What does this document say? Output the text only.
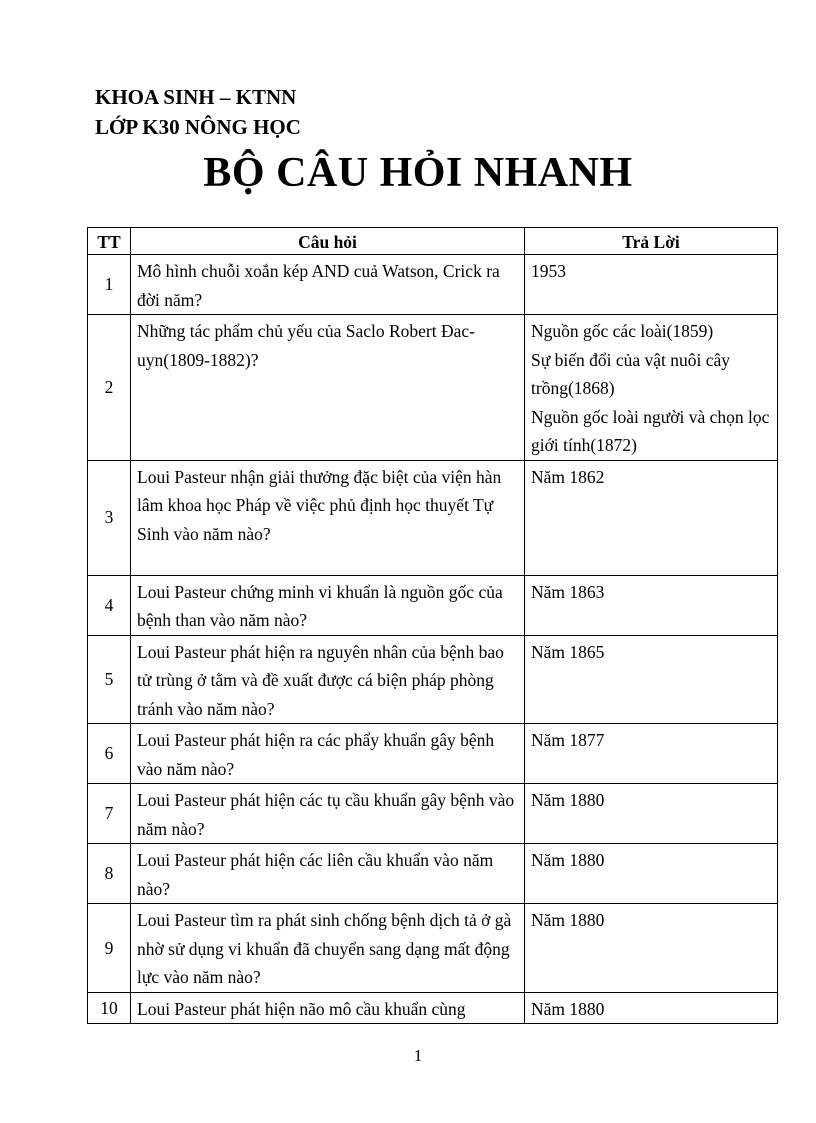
KHOA SINH – KTNN
LỚP K30 NÔNG HỌC
BỘ CÂU HỎI NHANH
TT	Câu hỏi	Trả Lời
1	Mô hình chuỗi xoắn kép AND cuả Watson, Crick ra đời năm?	1953

2	Những tác phẩm chủ yếu của Saclo Robert Đac-uyn(1809-1882)?	Nguồn gốc các loài(1859)
Sự biến đổi của vật nuôi cây trồng(1868)
Nguồn gốc loài người và chọn lọc giới tính(1872)

3	Loui Pasteur nhận giải thưởng đặc biệt của viện hàn lâm khoa học Pháp về việc phủ định học thuyết Tự Sinh vào năm nào?	Năm 1862

4	Loui Pasteur chứng minh vi khuẩn là nguồn gốc của bệnh than vào năm nào?	Năm 1863

5	Loui Pasteur phát hiện ra nguyên nhân của bệnh bao tử trùng ở tằm và đề xuất được cá biện pháp phòng tránh vào năm nào?	Năm 1865

6	Loui Pasteur phát hiện ra các phẩy khuẩn gây bệnh vào năm nào?	Năm 1877

7	Loui Pasteur phát hiện các tụ cầu khuẩn gây bệnh vào năm nào?	Năm 1880

8	Loui Pasteur phát hiện các liên cầu khuẩn vào năm nào?	Năm 1880

9	Loui Pasteur tìm ra phát sinh chống bệnh dịch tả ở gà nhờ sử dụng vi khuẩn đã chuyển sang dạng mất động lực vào năm nào?	Năm 1880

10	Loui Pasteur phát hiện não mô cầu khuẩn cùng	Năm 1880
1
